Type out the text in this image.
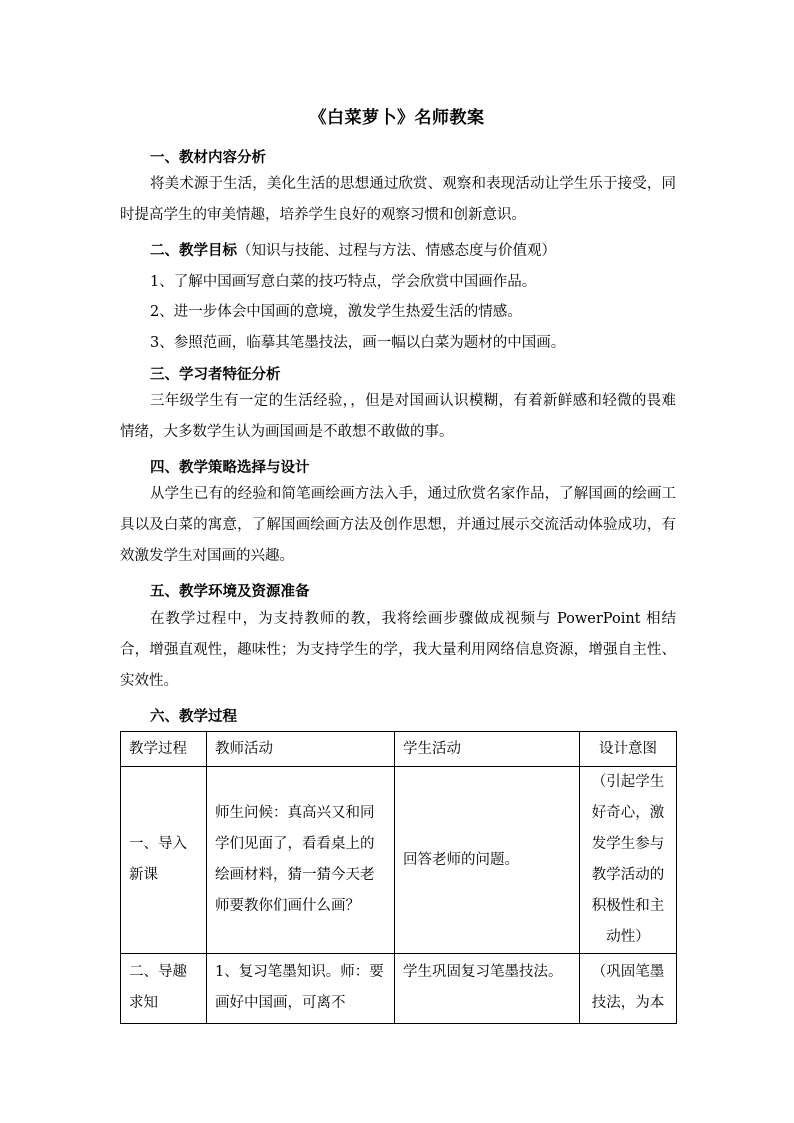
《白菜萝卜》名师教案
一、教材内容分析
将美术源于生活，美化生活的思想通过欣赏、观察和表现活动让学生乐于接受，同时提高学生的审美情趣，培养学生良好的观察习惯和创新意识。
二、教学目标（知识与技能、过程与方法、情感态度与价值观）
1、了解中国画写意白菜的技巧特点，学会欣赏中国画作品。
2、进一步体会中国画的意境，激发学生热爱生活的情感。
3、参照范画，临摹其笔墨技法，画一幅以白菜为题材的中国画。
三、学习者特征分析
三年级学生有一定的生活经验，，但是对国画认识模糊，有着新鲜感和轻微的畏难情绪，大多数学生认为画国画是不敢想不敢做的事。
四、教学策略选择与设计
从学生已有的经验和简笔画绘画方法入手，通过欣赏名家作品，了解国画的绘画工具以及白菜的寓意，了解国画绘画方法及创作思想，并通过展示交流活动体验成功，有效激发学生对国画的兴趣。
五、教学环境及资源准备
在教学过程中，为支持教师的教，我将绘画步骤做成视频与 PowerPoint 相结合，增强直观性，趣味性；为支持学生的学，我大量利用网络信息资源，增强自主性、实效性。
六、教学过程
教学过程	教师活动	学生活动	设计意图
一、导入新课	师生问候：真高兴又和同学们见面了，看看桌上的绘画材料，猜一猜今天老师要教你们画什么画？	回答老师的问题。	（引起学生好奇心，激发学生参与教学活动的积极性和主动性）
二、导趣求知	1、复习笔墨知识。师：要画好中国画，可离不	学生巩固复习笔墨技法。	（巩固笔墨技法，为本
